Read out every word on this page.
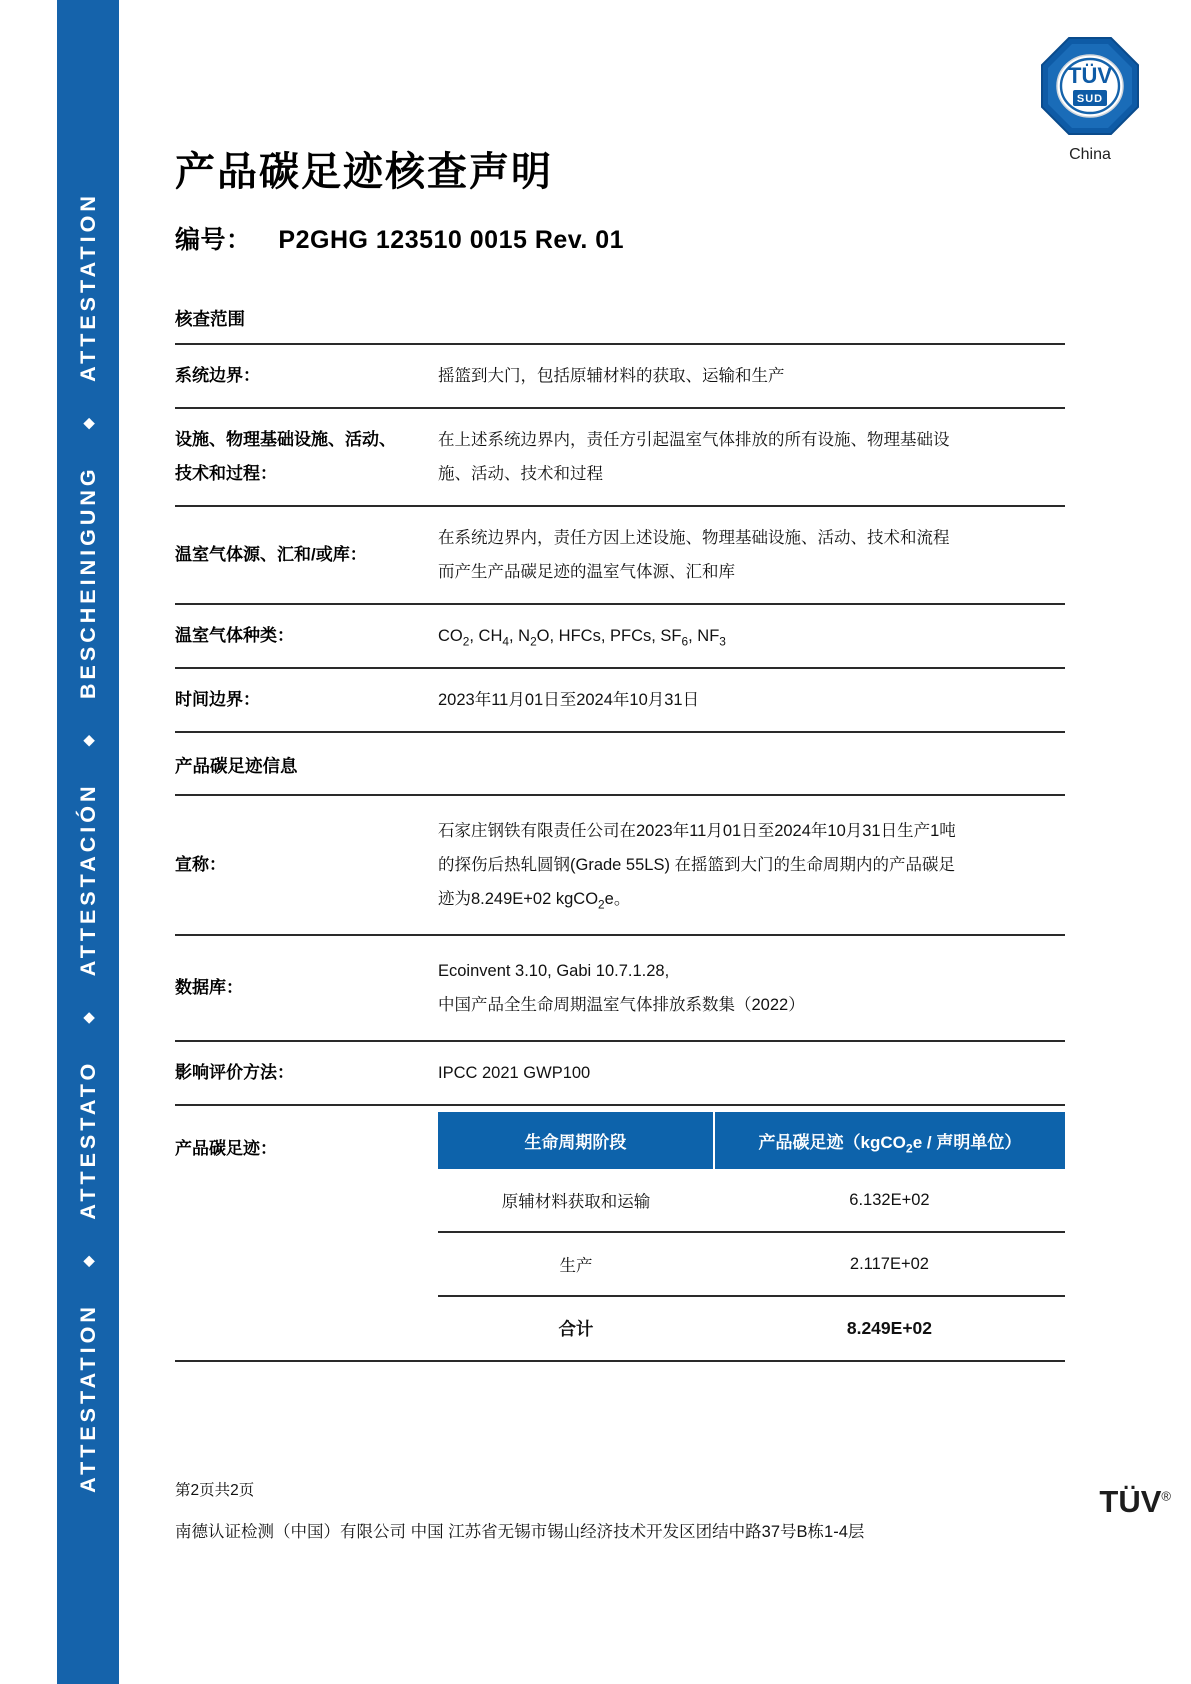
ATTESTATION
◆
ATTESTATO
◆
ATTESTACIÓN
◆
BESCHEINIGUNG
◆
ATTESTATION
TÜV
SUD
China
产品碳足迹核查声明
编号： P2GHG 123510 0015 Rev. 01
核查范围
系统边界：	摇篮到大门，包括原辅材料的获取、运输和生产
设施、物理基础设施、活动、
技术和过程：
在上述系统边界内，责任方引起温室气体排放的所有设施、物理基础设
施、活动、技术和过程
温室气体源、汇和/或库：
在系统边界内，责任方因上述设施、物理基础设施、活动、技术和流程
而产生产品碳足迹的温室气体源、汇和库
温室气体种类：	$CO_2$, $CH_4$, $N_2O$, HFCs, PFCs, $SF_6$, $NF_3$
时间边界：	2023年11月01日至2024年10月31日
产品碳足迹信息
宣称：
石家庄钢铁有限责任公司在2023年11月01日至2024年10月31日生产1吨
的探伤后热轧圆钢(Grade 55LS) 在摇篮到大门的生命周期内的产品碳足
迹为8.249E+02 kgCO$_2$e。
数据库：
Ecoinvent 3.10, Gabi 10.7.1.28,
中国产品全生命周期温室气体排放系数集（2022）
影响评价方法：	IPCC 2021 GWP100
产品碳足迹：	生命周期阶段	产品碳足迹（kgCO$_2$e / 声明单位）
原辅材料获取和运输	6.132E+02
生产	2.117E+02
合计	8.249E+02
第2页共2页
南德认证检测（中国）有限公司 中国 江苏省无锡市锡山经济技术开发区团结中路37号B栋1-4层
TÜV®
